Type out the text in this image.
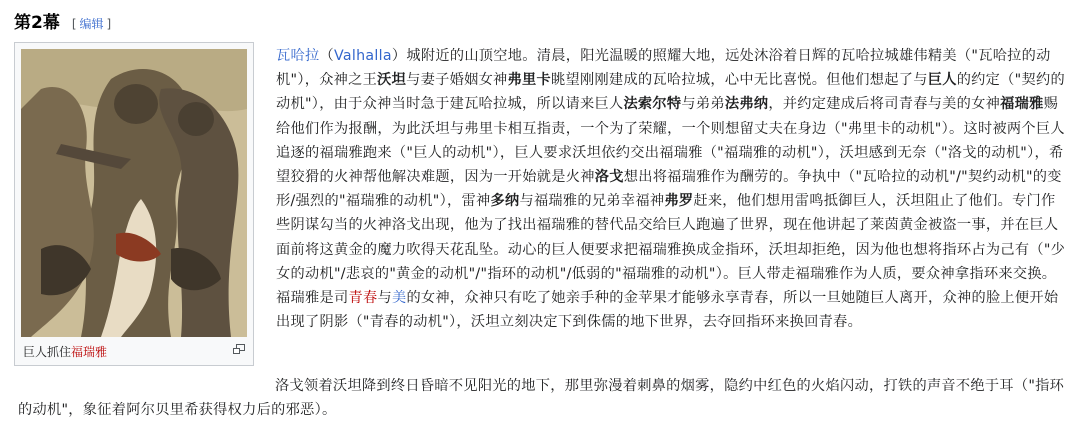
第2幕 [ 编辑 ]
巨人抓住福瑞雅
瓦哈拉（Valhalla）城附近的山顶空地。清晨，阳光温暖的照耀大地，远处沐浴着日辉的瓦哈拉城雄伟精美（"瓦哈拉的动机"），众神之王沃坦与妻子婚姻女神弗里卡眺望刚刚建成的瓦哈拉城，心中无比喜悦。但他们想起了与巨人的约定（"契约的动机"），由于众神当时急于建瓦哈拉城，所以请来巨人法索尔特与弟弟法弗纳，并约定建成后将司青春与美的女神福瑞雅赐给他们作为报酬，为此沃坦与弗里卡相互指责，一个为了荣耀，一个则想留丈夫在身边（"弗里卡的动机"）。这时被两个巨人追逐的福瑞雅跑来（"巨人的动机"），巨人要求沃坦依约交出福瑞雅（"福瑞雅的动机"），沃坦感到无奈（"洛戈的动机"），希望狡猾的火神帮他解决难题，因为一开始就是火神洛戈想出将福瑞雅作为酬劳的。争执中（"瓦哈拉的动机"/"契约动机"的变形/强烈的"福瑞雅的动机"），雷神多纳与福瑞雅的兄弟幸福神弗罗赶来，他们想用雷鸣抵御巨人，沃坦阻止了他们。专门作些阴谋勾当的火神洛戈出现，他为了找出福瑞雅的替代品交给巨人跑遍了世界，现在他讲起了莱茵黄金被盗一事，并在巨人面前将这黄金的魔力吹得天花乱坠。动心的巨人便要求把福瑞雅换成金指环，沃坦却拒绝，因为他也想将指环占为己有（"少女的动机"/悲哀的"黄金的动机"/"指环的动机"/低弱的"福瑞雅的动机"）。巨人带走福瑞雅作为人质，要众神拿指环来交换。福瑞雅是司青春与美的女神，众神只有吃了她亲手种的金苹果才能够永享青春，所以一旦她随巨人离开，众神的脸上便开始出现了阴影（"青春的动机"），沃坦立刻决定下到侏儒的地下世界，去夺回指环来换回青春。
洛戈领着沃坦降到终日昏暗不见阳光的地下，那里弥漫着刺鼻的烟雾，隐约中红色的火焰闪动，打铁的声音不绝于耳（"指环的动机"，象征着阿尔贝里希获得权力后的邪恶）。
